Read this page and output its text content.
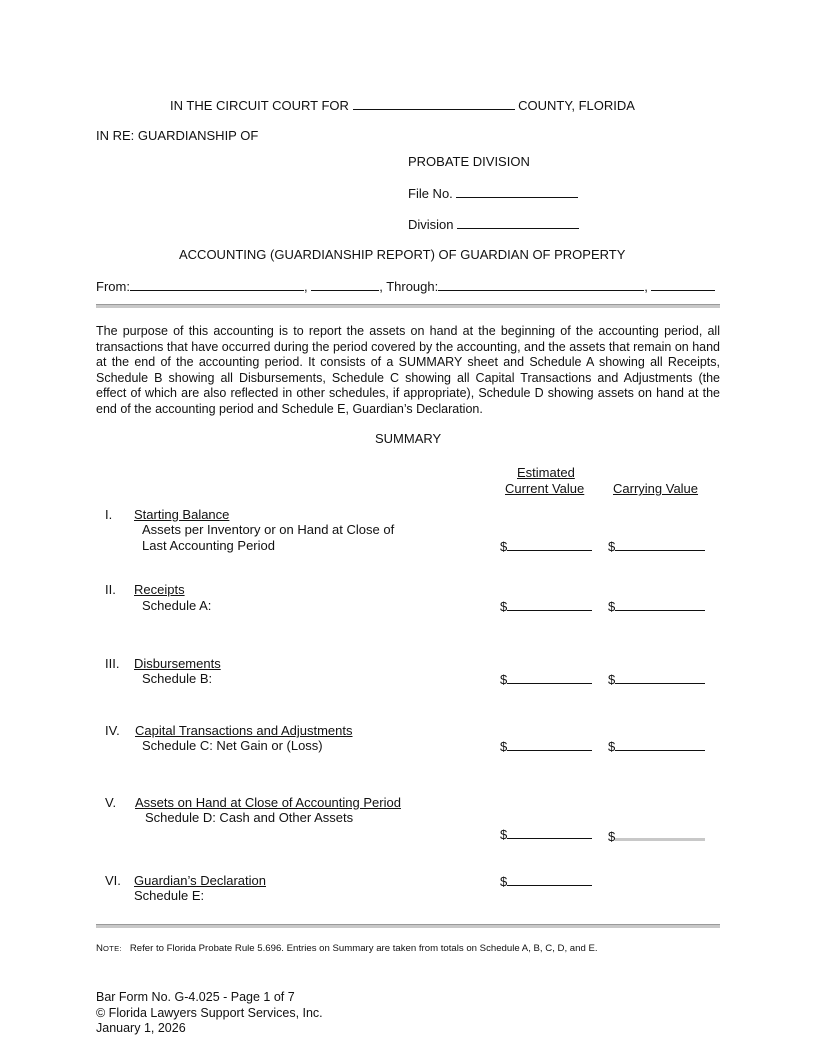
IN THE CIRCUIT COURT FOR	COUNTY, FLORIDA
IN RE: GUARDIANSHIP OF
PROBATE DIVISION
File No.
Division
ACCOUNTING (GUARDIANSHIP REPORT) OF GUARDIAN OF PROPERTY
From:	,	, Through:	,
The purpose of this accounting is to report the assets on hand at the beginning of the accounting period, all transactions that have occurred during the period covered by the accounting, and the assets that remain on hand at the end of the accounting period. It consists of a SUMMARY sheet and Schedule A showing all Receipts, Schedule B showing all Disbursements, Schedule C showing all Capital Transactions and Adjustments (the effect of which are also reflected in other schedules, if appropriate), Schedule D showing assets on hand at the end of the accounting period and Schedule E, Guardian’s Declaration.
SUMMARY
Estimated
Current Value Carrying Value
I. Starting Balance
Assets per Inventory or on Hand at Close of
Last Accounting Period	$	$
II. Receipts
Schedule A:	$	$
III. Disbursements
Schedule B:	$	$
IV. Capital Transactions and Adjustments
Schedule C: Net Gain or (Loss)	$	$
V. Assets on Hand at Close of Accounting Period
Schedule D: Cash and Other Assets
$	$
VI. Guardian’s Declaration
Schedule E:
$
NOTE: Refer to Florida Probate Rule 5.696. Entries on Summary are taken from totals on Schedule A, B, C, D, and E.
Bar Form No. G-4.025 - Page 1 of 7
© Florida Lawyers Support Services, Inc.
January 1, 2026
